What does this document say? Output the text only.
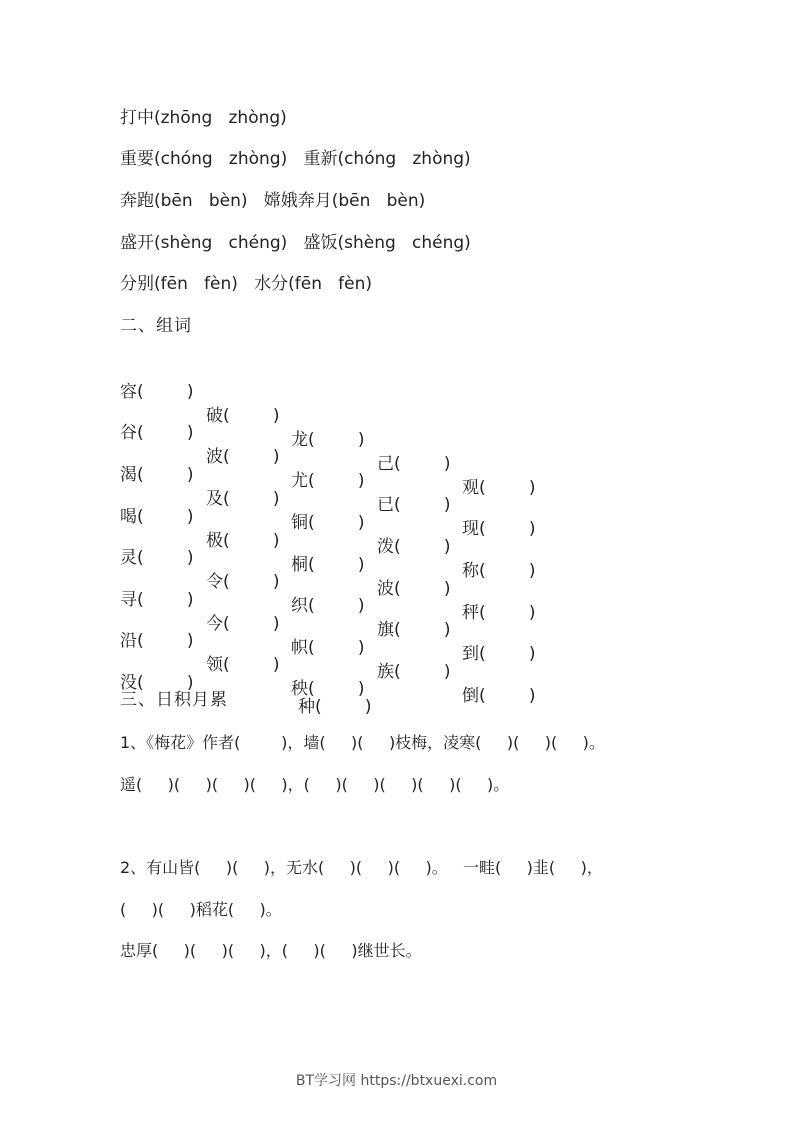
打中(zhōng   zhòng)
重要(chóng   zhòng)   重新(chóng   zhòng)
奔跑(bēn   bèn)   嫦娥奔月(bēn   bèn)
盛开(shèng   chéng)   盛饭(shèng   chéng)
分别(fēn   fèn)   水分(fēn   fèn)
二、组词

容(        )

破(        )

龙(        )

己(        )

观(        )

谷(        )

波(        )

尤(        )

已(        )

现(        )

渴(        )

及(        )

铜(        )

泼(        )

称(        )

喝(        )

极(        )

桐(        )

波(        )

秤(        )

灵(        )

令(        )

织(        )

旗(        )

到(        )

寻(        )

今(        )

帜(        )

族(        )

倒(        )

沿(        )

领(        )

秧(        )

没(        )

种(        )

三、日积月累
1、《梅花》作者(        )，墙(     )(     )枝梅，凌寒(     )(     )(     )。
遥(     )(     )(     )(     )，(     )(     )(     )(     )(     )。
2、有山皆(     )(     )，无水(     )(     )(     )。   一畦(     )韭(     )，
(     )(     )稻花(     )。
忠厚(     )(     )(     )，(     )(     )继世长。
BT学习网 https://btxuexi.com
